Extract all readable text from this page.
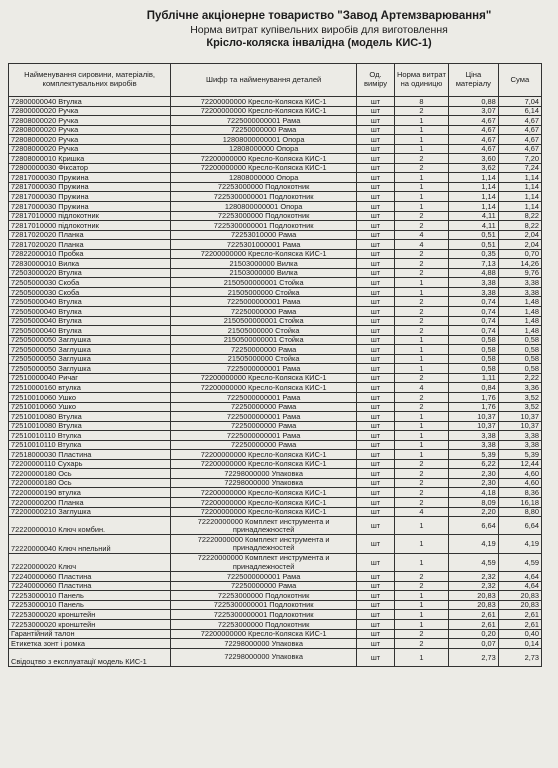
Публічне акціонерне товариство "Завод Артемзварювання"
Норма витрат купівельних виробів для виготовлення
Крісло-коляска інвалідна (модель КИС-1)
Найменування сировини, матеріалів, комплектувальних виробів	Шифр та найменування деталей	Од. виміру	Норма витрат на одиницю	Ціна матеріалу	Сума
72800000040 Втулка	72200000000 Кресло-Коляска КИС-1	шт	8	0,88	7,04
72800000020 Ручка	72200000000 Кресло-Коляска КИС-1	шт	2	3,07	6,14
72808000020 Ручка	7225000000001 Рама	шт	1	4,67	4,67
72808000020 Ручка	72250000000 Рама	шт	1	4,67	4,67
72808000020 Ручка	12808000000001 Опора	шт	1	4,67	4,67
72808000020 Ручка	12808000000 Опора	шт	1	4,67	4,67
72808000010 Кришка	72200000000 Кресло-Коляска КИС-1	шт	2	3,60	7,20
72800000030 Фіксатор	72200000000 Кресло-Коляска КИС-1	шт	2	3,62	7,24
72817000030 Пружина	12808000000 Опора	шт	1	1,14	1,14
72817000030 Пружина	72253000000 Подлокотник	шт	1	1,14	1,14
72817000030 Пружина	7225300000001 Подлокотник	шт	1	1,14	1,14
72817000030 Пружина	1280800000001 Опора	шт	1	1,14	1,14
72817010000 підлокотник	72253000000 Подлокотник	шт	2	4,11	8,22
72817010000 підлокотник	7225300000001 Подлокотник	шт	2	4,11	8,22
72817020020 Планка	72253010000 Рама	шт	4	0,51	2,04
72817020020 Планка	7225301000001 Рама	шт	4	0,51	2,04
72822000010 Пробка	72200000000 Кресло-Коляска КИС-1	шт	2	0,35	0,70
72830000010 Вилка	21503000000 Вилка	шт	2	7,13	14,26
72503000020 Втулка	21503000000 Вилка	шт	2	4,88	9,76
72505000030 Скоба	2150500000001 Стойка	шт	1	3,38	3,38
72505000030 Скоба	21505000000 Стойка	шт	1	3,38	3,38
72505000040 Втулка	7225000000001 Рама	шт	2	0,74	1,48
72505000040 Втулка	72250000000 Рама	шт	2	0,74	1,48
72505000040 Втулка	2150500000001 Стойка	шт	2	0,74	1,48
72505000040 Втулка	21505000000 Стойка	шт	2	0,74	1,48
72505000050 Заглушка	2150500000001 Стойка	шт	1	0,58	0,58
72505000050 Заглушка	72250000000 Рама	шт	1	0,58	0,58
72505000050 Заглушка	21505000000 Стойка	шт	1	0,58	0,58
72505000050 Заглушка	7225000000001 Рама	шт	1	0,58	0,58
72510000040 Ричаг	72200000000 Кресло-Коляска КИС-1	шт	2	1,11	2,22
72510000160 втулка	72200000000 Кресло-Коляска КИС-1	шт	4	0,84	3,36
72510010060 Ушко	7225000000001 Рама	шт	2	1,76	3,52
72510010060 Ушко	72250000000 Рама	шт	2	1,76	3,52
72510010080 Втулка	7225000000001 Рама	шт	1	10,37	10,37
72510010080 Втулка	72250000000 Рама	шт	1	10,37	10,37
72510010110 Втулка	7225000000001 Рама	шт	1	3,38	3,38
72510010110 Втулка	72250000000 Рама	шт	1	3,38	3,38
72518000030 Пластина	72200000000 Кресло-Коляска КИС-1	шт	1	5,39	5,39
72200000110 Сухарь	72200000000 Кресло-Коляска КИС-1	шт	2	6,22	12,44
72200000180 Ось	72298000000 Упаковка	шт	2	2,30	4,60
72200000180 Ось	72298000000 Упаковка	шт	2	2,30	4,60
72200000190 втулка	72200000000 Кресло-Коляска КИС-1	шт	2	4,18	8,36
72200000200 Планка	72200000000 Кресло-Коляска КИС-1	шт	2	8,09	16,18
72200000210 Заглушка	72200000000 Кресло-Коляска КИС-1	шт	4	2,20	8,80
72220000010 Ключ комбин.	72220000000 Комплект инструмента и принадлежностей	шт	1	6,64	6,64
72220000040 Ключ нпельний	72220000000 Комплект инструмента и принадлежностей	шт	1	4,19	4,19
72220000020 Ключ	72220000000 Комплект инструмента и принадлежностей	шт	1	4,59	4,59
72240000060 Пластина	7225000000001 Рама	шт	2	2,32	4,64
72240000060 Пластина	72250000000 Рама	шт	2	2,32	4,64
72253000010 Панель	72253000000 Подлокотник	шт	1	20,83	20,83
72253000010 Панель	7225300000001 Подлокотник	шт	1	20,83	20,83
72253000020 кронштейн	7225300000001 Подлокотник	шт	1	2,61	2,61
72253000020 кронштейн	72253000000 Подлокотник	шт	1	2,61	2,61
Гарантійний талон	72200000000 Кресло-Коляска КИС-1	шт	2	0,20	0,40
Етикетка зонт і ромка	72298000000 Упаковка	шт	2	0,07	0,14
Свідоцтво з експлуатації модель КИС-1	72298000000 Упаковка	шт	1	2,73	2,73
